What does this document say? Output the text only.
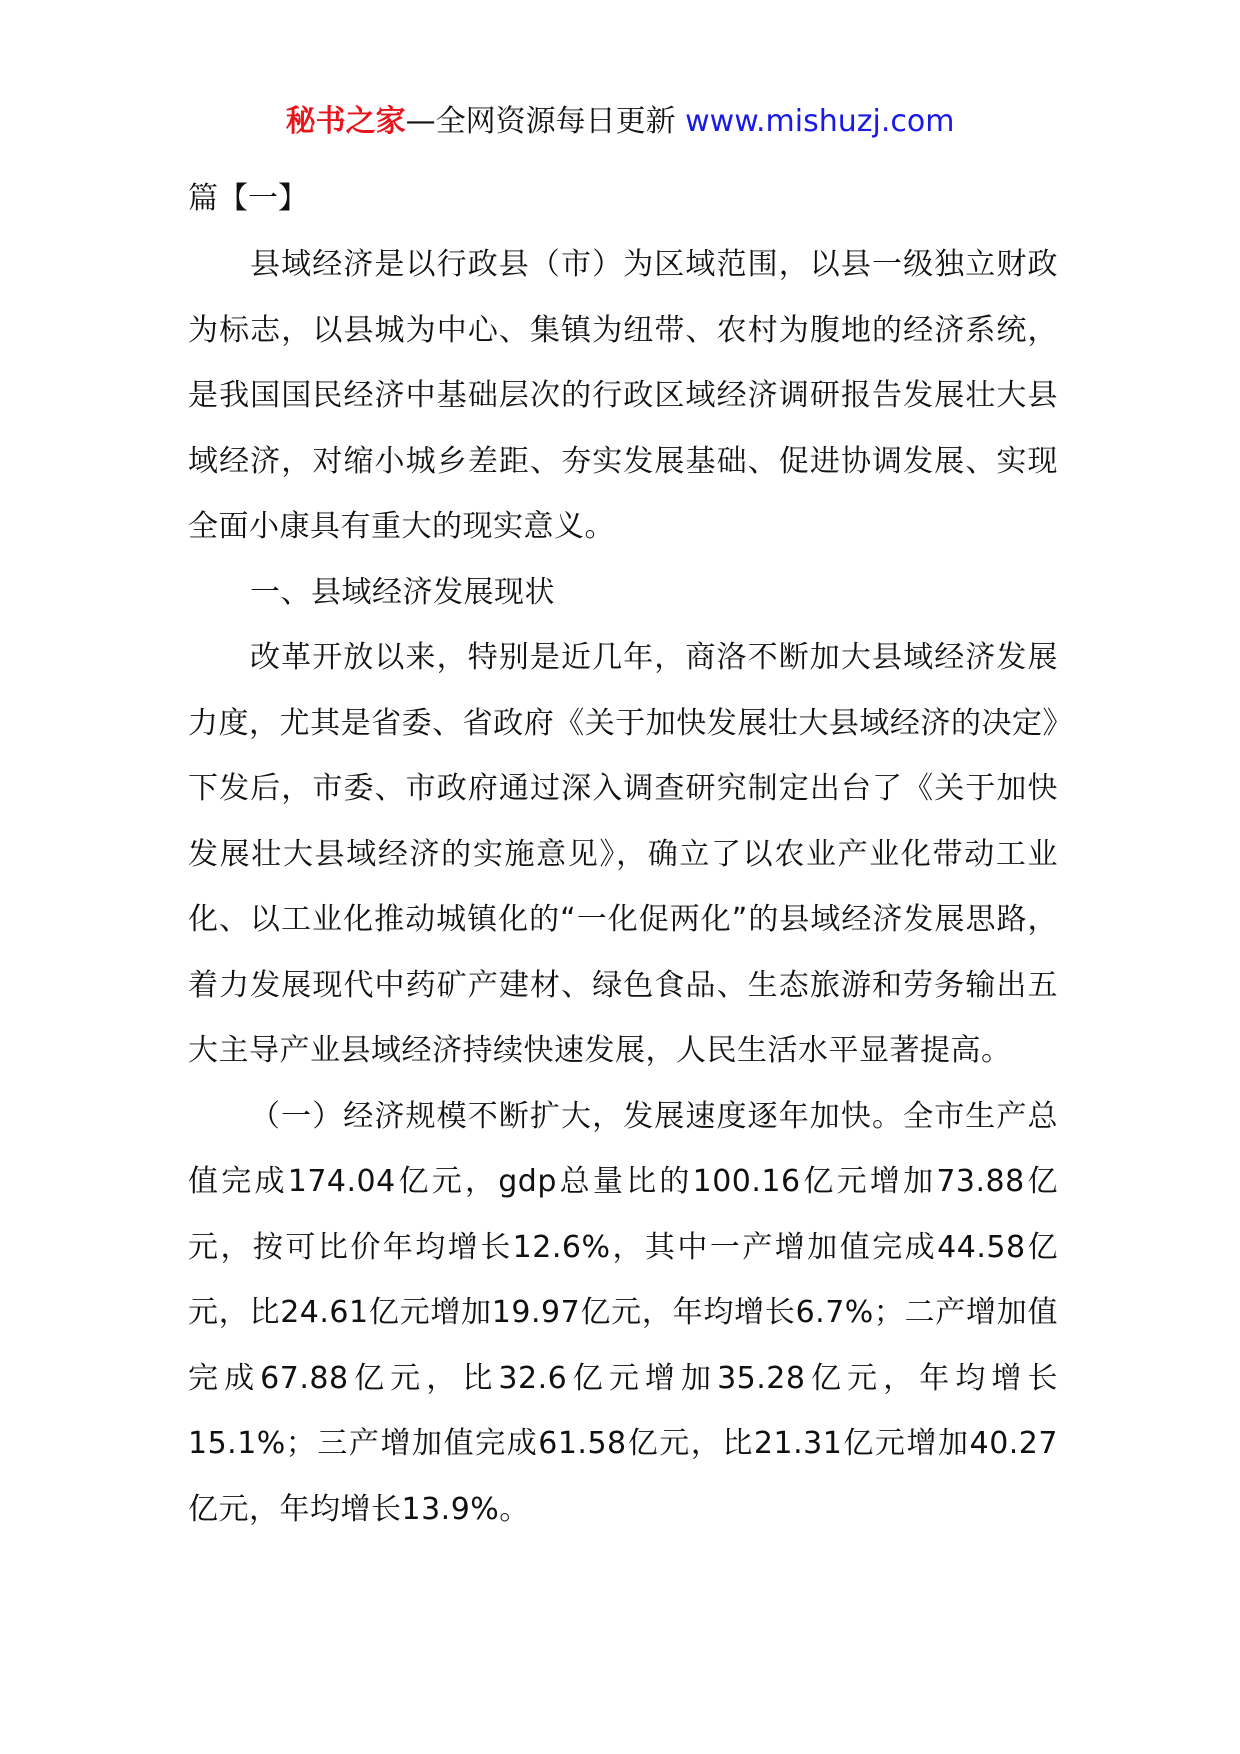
秘书之家—全网资源每日更新 www.mishuzj.com
篇【一】

县域经济是以行政县（市）为区域范围，以县一级独立财政为标志，以县城为中心、集镇为纽带、农村为腹地的经济系统，是我国国民经济中基础层次的行政区域经济调研报告发展壮大县域经济，对缩小城乡差距、夯实发展基础、促进协调发展、实现全面小康具有重大的现实意义。

一、县域经济发展现状

改革开放以来，特别是近几年，商洛不断加大县域经济发展力度，尤其是省委、省政府《关于加快发展壮大县域经济的决定》下发后，市委、市政府通过深入调查研究制定出台了《关于加快发展壮大县域经济的实施意见》，确立了以农业产业化带动工业化、以工业化推动城镇化的“一化促两化”的县域经济发展思路，着力发展现代中药矿产建材、绿色食品、生态旅游和劳务输出五大主导产业县域经济持续快速发展，人民生活水平显著提高。

（一）经济规模不断扩大，发展速度逐年加快。全市生产总值完成174.04亿元，gdp总量比的100.16亿元增加73.88亿元，按可比价年均增长12.6%，其中一产增加值完成44.58亿元，比24.61亿元增加19.97亿元，年均增长6.7%；二产增加值完成67.88亿元，比32.6亿元增加35.28亿元，年均增长15.1%；三产增加值完成61.58亿元，比21.31亿元增加40.27亿元，年均增长13.9%。
